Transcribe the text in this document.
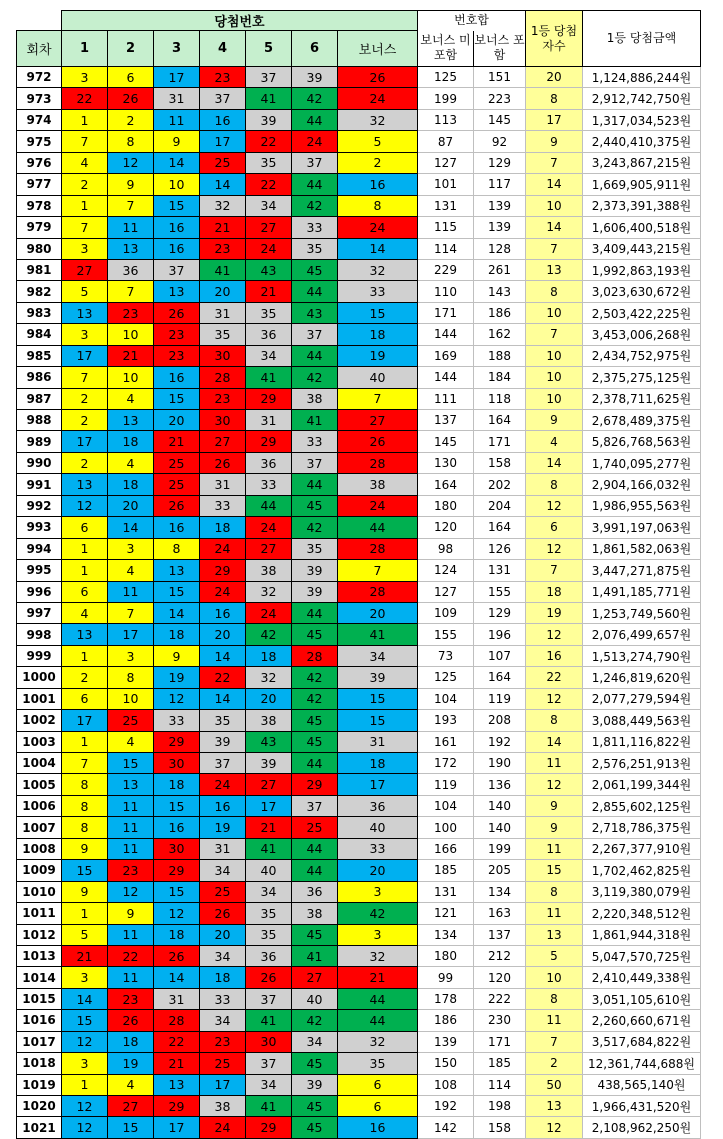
	당첨번호							번호합		1등 당첨자수	1등 당첨금액
회차	1	2	3	4	5	6	보너스	보너스 미포함	보너스 포함		
972	3	6	17	23	37	39	26	125	151	20	1,124,886,244원
973	22	26	31	37	41	42	24	199	223	8	2,912,742,750원
974	1	2	11	16	39	44	32	113	145	17	1,317,034,523원
975	7	8	9	17	22	24	5	87	92	9	2,440,410,375원
976	4	12	14	25	35	37	2	127	129	7	3,243,867,215원
977	2	9	10	14	22	44	16	101	117	14	1,669,905,911원
978	1	7	15	32	34	42	8	131	139	10	2,373,391,388원
979	7	11	16	21	27	33	24	115	139	14	1,606,400,518원
980	3	13	16	23	24	35	14	114	128	7	3,409,443,215원
981	27	36	37	41	43	45	32	229	261	13	1,992,863,193원
982	5	7	13	20	21	44	33	110	143	8	3,023,630,672원
983	13	23	26	31	35	43	15	171	186	10	2,503,422,225원
984	3	10	23	35	36	37	18	144	162	7	3,453,006,268원
985	17	21	23	30	34	44	19	169	188	10	2,434,752,975원
986	7	10	16	28	41	42	40	144	184	10	2,375,275,125원
987	2	4	15	23	29	38	7	111	118	10	2,378,711,625원
988	2	13	20	30	31	41	27	137	164	9	2,678,489,375원
989	17	18	21	27	29	33	26	145	171	4	5,826,768,563원
990	2	4	25	26	36	37	28	130	158	14	1,740,095,277원
991	13	18	25	31	33	44	38	164	202	8	2,904,166,032원
992	12	20	26	33	44	45	24	180	204	12	1,986,955,563원
993	6	14	16	18	24	42	44	120	164	6	3,991,197,063원
994	1	3	8	24	27	35	28	98	126	12	1,861,582,063원
995	1	4	13	29	38	39	7	124	131	7	3,447,271,875원
996	6	11	15	24	32	39	28	127	155	18	1,491,185,771원
997	4	7	14	16	24	44	20	109	129	19	1,253,749,560원
998	13	17	18	20	42	45	41	155	196	12	2,076,499,657원
999	1	3	9	14	18	28	34	73	107	16	1,513,274,790원
1000	2	8	19	22	32	42	39	125	164	22	1,246,819,620원
1001	6	10	12	14	20	42	15	104	119	12	2,077,279,594원
1002	17	25	33	35	38	45	15	193	208	8	3,088,449,563원
1003	1	4	29	39	43	45	31	161	192	14	1,811,116,822원
1004	7	15	30	37	39	44	18	172	190	11	2,576,251,913원
1005	8	13	18	24	27	29	17	119	136	12	2,061,199,344원
1006	8	11	15	16	17	37	36	104	140	9	2,855,602,125원
1007	8	11	16	19	21	25	40	100	140	9	2,718,786,375원
1008	9	11	30	31	41	44	33	166	199	11	2,267,377,910원
1009	15	23	29	34	40	44	20	185	205	15	1,702,462,825원
1010	9	12	15	25	34	36	3	131	134	8	3,119,380,079원
1011	1	9	12	26	35	38	42	121	163	11	2,220,348,512원
1012	5	11	18	20	35	45	3	134	137	13	1,861,944,318원
1013	21	22	26	34	36	41	32	180	212	5	5,047,570,725원
1014	3	11	14	18	26	27	21	99	120	10	2,410,449,338원
1015	14	23	31	33	37	40	44	178	222	8	3,051,105,610원
1016	15	26	28	34	41	42	44	186	230	11	2,260,660,671원
1017	12	18	22	23	30	34	32	139	171	7	3,517,684,822원
1018	3	19	21	25	37	45	35	150	185	2	12,361,744,688원
1019	1	4	13	17	34	39	6	108	114	50	438,565,140원
1020	12	27	29	38	41	45	6	192	198	13	1,966,431,520원
1021	12	15	17	24	29	45	16	142	158	12	2,108,962,250원
